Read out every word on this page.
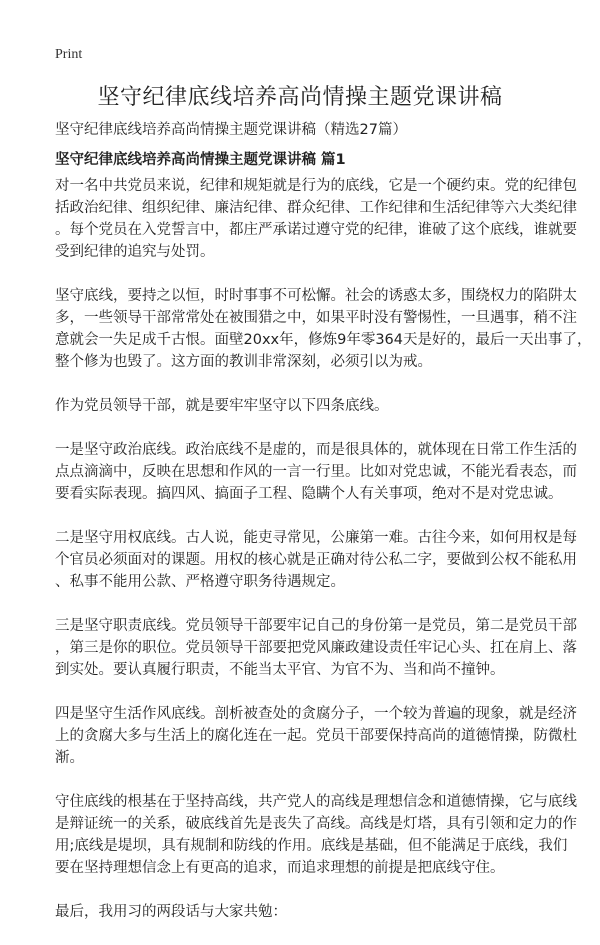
Print
坚守纪律底线培养高尚情操主题党课讲稿
坚守纪律底线培养高尚情操主题党课讲稿（精选27篇）
坚守纪律底线培养高尚情操主题党课讲稿 篇1
对一名中共党员来说，纪律和规矩就是行为的底线，它是一个硬约束。党的纪律包
括政治纪律、组织纪律、廉洁纪律、群众纪律、工作纪律和生活纪律等六大类纪律
。每个党员在入党誓言中，都庄严承诺过遵守党的纪律，谁破了这个底线，谁就要
受到纪律的追究与处罚。
坚守底线，要持之以恒，时时事事不可松懈。社会的诱惑太多，围绕权力的陷阱太
多，一些领导干部常常处在被围猎之中，如果平时没有警惕性，一旦遇事，稍不注
意就会一失足成千古恨。面壁20xx年，修炼9年零364天是好的，最后一天出事了，
整个修为也毁了。这方面的教训非常深刻，必须引以为戒。
作为党员领导干部，就是要牢牢坚守以下四条底线。
一是坚守政治底线。政治底线不是虚的，而是很具体的，就体现在日常工作生活的
点点滴滴中，反映在思想和作风的一言一行里。比如对党忠诚，不能光看表态，而
要看实际表现。搞四风、搞面子工程、隐瞒个人有关事项，绝对不是对党忠诚。
二是坚守用权底线。古人说，能吏寻常见，公廉第一难。古往今来，如何用权是每
个官员必须面对的课题。用权的核心就是正确对待公私二字，要做到公权不能私用
、私事不能用公款、严格遵守职务待遇规定。
三是坚守职责底线。党员领导干部要牢记自己的身份第一是党员，第二是党员干部
，第三是你的职位。党员领导干部要把党风廉政建设责任牢记心头、扛在肩上、落
到实处。要认真履行职责，不能当太平官、为官不为、当和尚不撞钟。
四是坚守生活作风底线。剖析被查处的贪腐分子，一个较为普遍的现象，就是经济
上的贪腐大多与生活上的腐化连在一起。党员干部要保持高尚的道德情操，防微杜
渐。
守住底线的根基在于坚持高线，共产党人的高线是理想信念和道德情操，它与底线
是辩证统一的关系，破底线首先是丧失了高线。高线是灯塔，具有引领和定力的作
用;底线是堤坝，具有规制和防线的作用。底线是基础，但不能满足于底线，我们
要在坚持理想信念上有更高的追求，而追求理想的前提是把底线守住。
最后，我用习的两段话与大家共勉：
